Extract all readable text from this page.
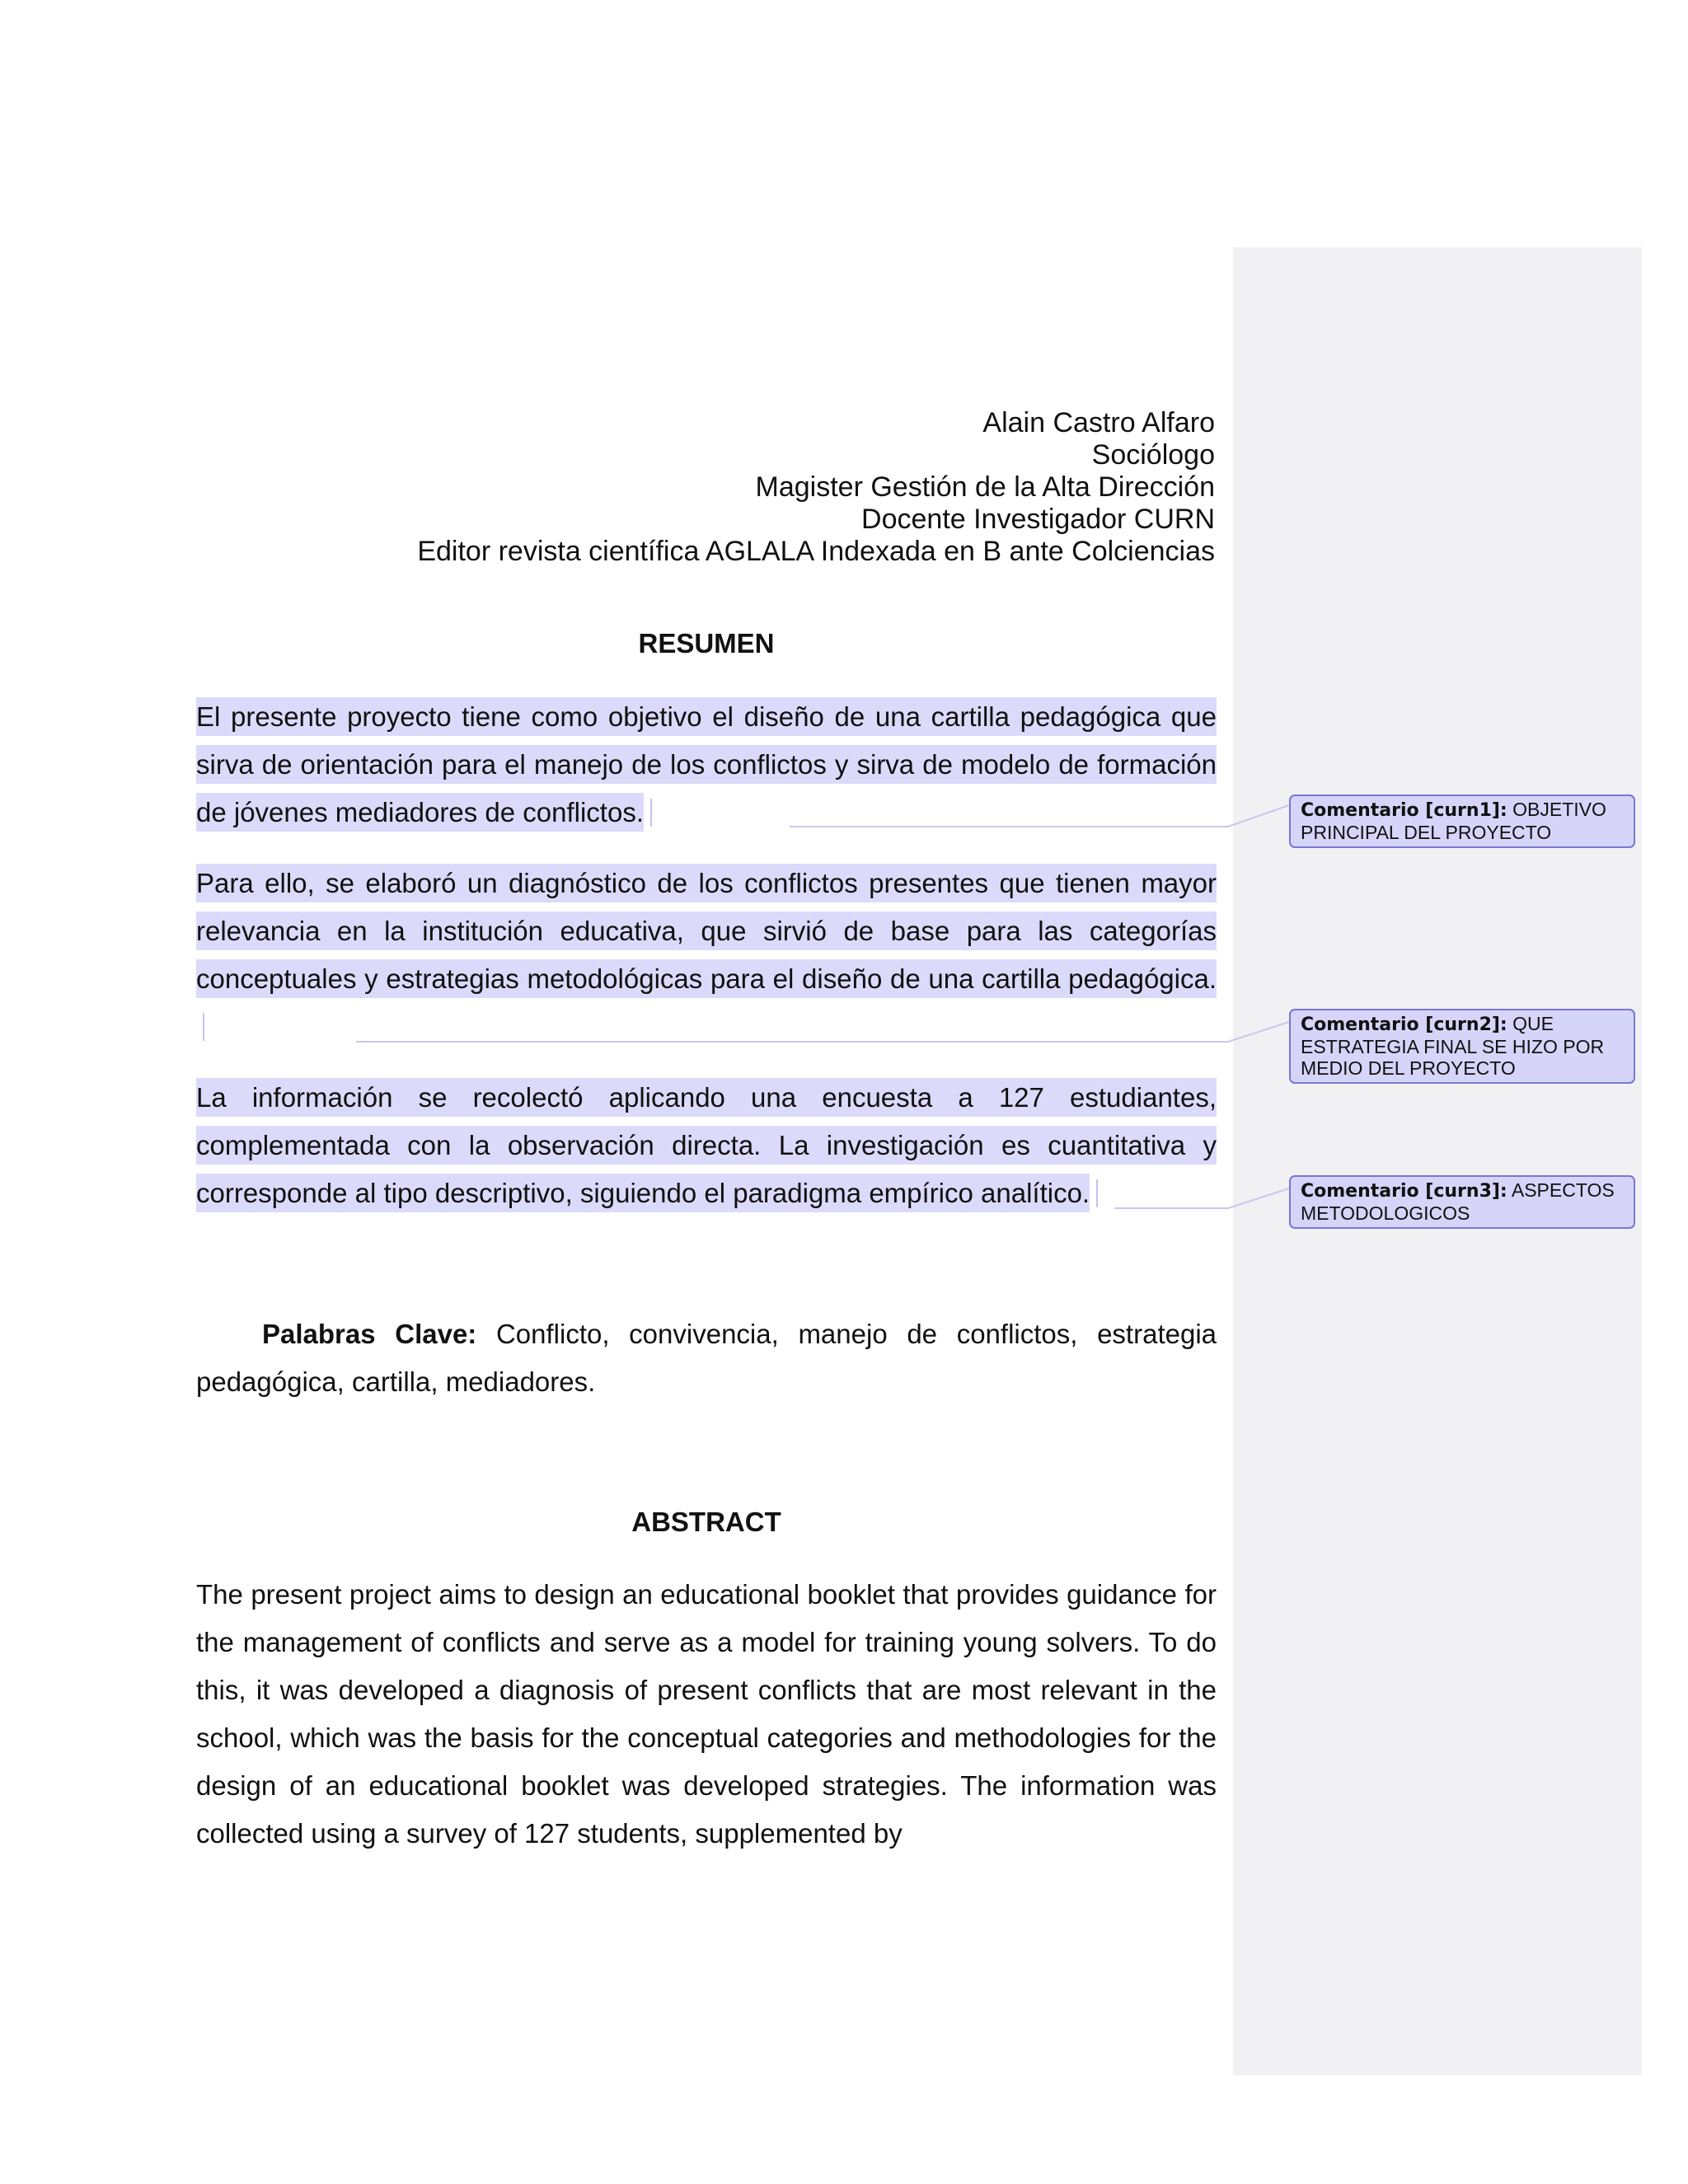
Alain Castro Alfaro
Sociólogo
Magister Gestión de la Alta Dirección
Docente Investigador CURN
Editor revista científica AGLALA Indexada en B ante Colciencias
RESUMEN
El presente proyecto tiene como objetivo el diseño de una cartilla pedagógica que sirva de orientación para el manejo de los conflictos y sirva de modelo de formación de jóvenes mediadores de conflictos.
Para ello, se elaboró un diagnóstico de los conflictos presentes que tienen mayor relevancia en la institución educativa, que sirvió de base para las categorías conceptuales y estrategias metodológicas para el diseño de una cartilla pedagógica.
La información se recolectó aplicando una encuesta a 127 estudiantes, complementada con la observación directa. La investigación es cuantitativa y corresponde al tipo descriptivo, siguiendo el paradigma empírico analítico.
Palabras Clave: Conflicto, convivencia, manejo de conflictos, estrategia pedagógica, cartilla, mediadores.
ABSTRACT
The present project aims to design an educational booklet that provides guidance for the management of conflicts and serve as a model for training young solvers. To do this, it was developed a diagnosis of present conflicts that are most relevant in the school, which was the basis for the conceptual categories and methodologies for the design of an educational booklet was developed strategies. The information was collected using a survey of 127 students, supplemented by
Comentario [curn1]: OBJETIVO PRINCIPAL DEL PROYECTO
Comentario [curn2]: QUE ESTRATEGIA FINAL SE HIZO POR MEDIO DEL PROYECTO
Comentario [curn3]: ASPECTOS METODOLOGICOS
